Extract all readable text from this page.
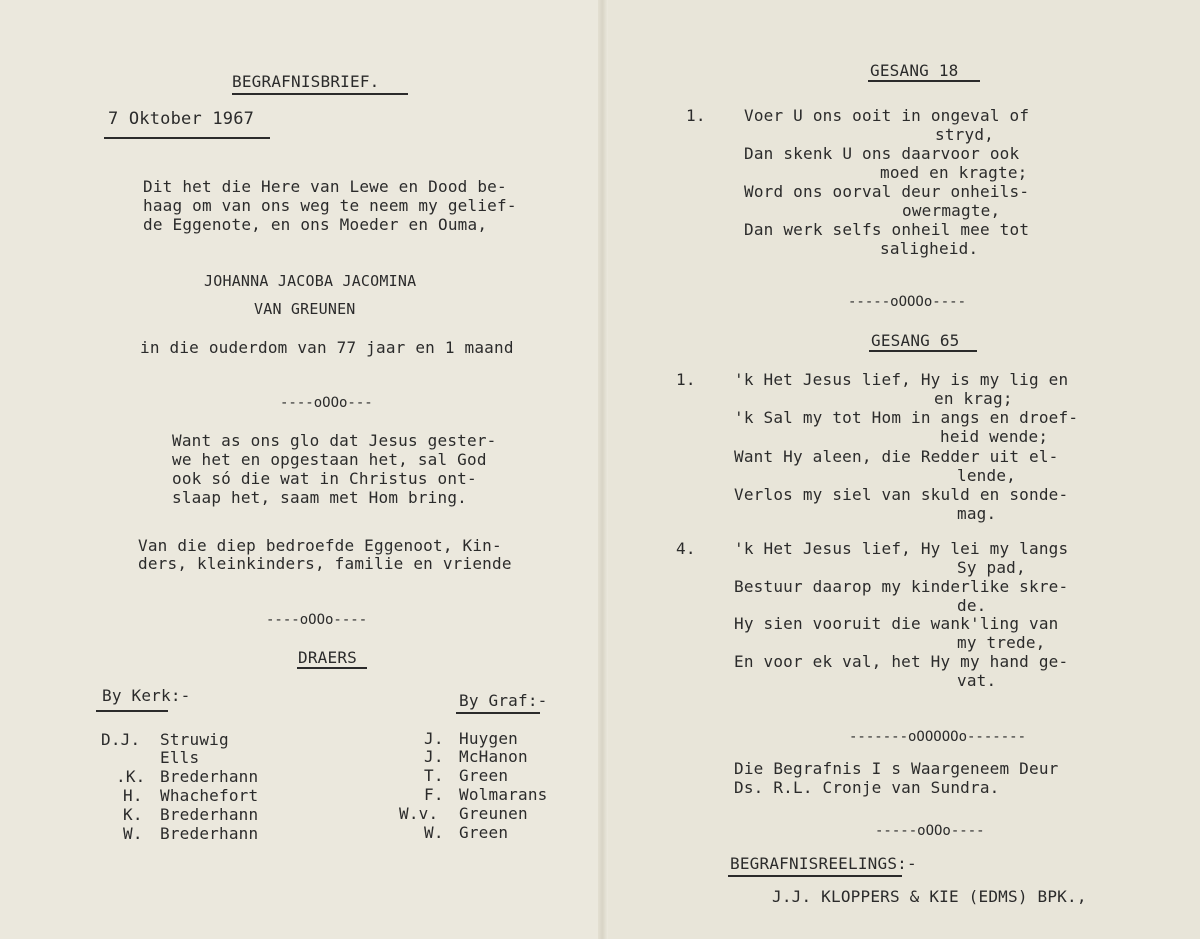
BEGRAFNISBRIEF.
7 Oktober 1967
Dit het die Here van Lewe en Dood be-
haag om van ons weg te neem my gelief-
de Eggenote, en ons Moeder en Ouma,
JOHANNA JACOBA JACOMINA
VAN GREUNEN
in die ouderdom van 77 jaar en 1 maand
----oOOo---
Want as ons glo dat Jesus gester-
we het en opgestaan het, sal God
ook só die wat in Christus ont-
slaap het, saam met Hom bring.
Van die diep bedroefde Eggenoot, Kin-
ders, kleinkinders, familie en vriende
----oOOo----
DRAERS
By Kerk:-	By Graf:-
D.J. Struwig
Ells
.K. Brederhann
H. Whachefort
K. Brederhann
W. Brederhann
J. Huygen
J. McHanon
T. Green
F. Wolmarans
W.v. Greunen
W. Green
GESANG 18
1. Voer U ons ooit in ongeval of
stryd,
Dan skenk U ons daarvoor ook
moed en kragte;
Word ons oorval deur onheils-
owermagte,
Dan werk selfs onheil mee tot
saligheid.
-----oOOOo----
GESANG 65
1. 'k Het Jesus lief, Hy is my lig en
en krag;
'k Sal my tot Hom in angs en droef-
heid wende;
Want Hy aleen, die Redder uit el-
lende,
Verlos my siel van skuld en sonde-
mag.
4. 'k Het Jesus lief, Hy lei my langs
Sy pad,
Bestuur daarop my kinderlike skre-
de.
Hy sien vooruit die wank'ling van
my trede,
En voor ek val, het Hy my hand ge-
vat.
-------oOOOOOo-------
Die Begrafnis I s Waargeneem Deur
Ds. R.L. Cronje van Sundra.
-----oOOo----
BEGRAFNISREELINGS:-
J.J. KLOPPERS & KIE (EDMS) BPK.,
